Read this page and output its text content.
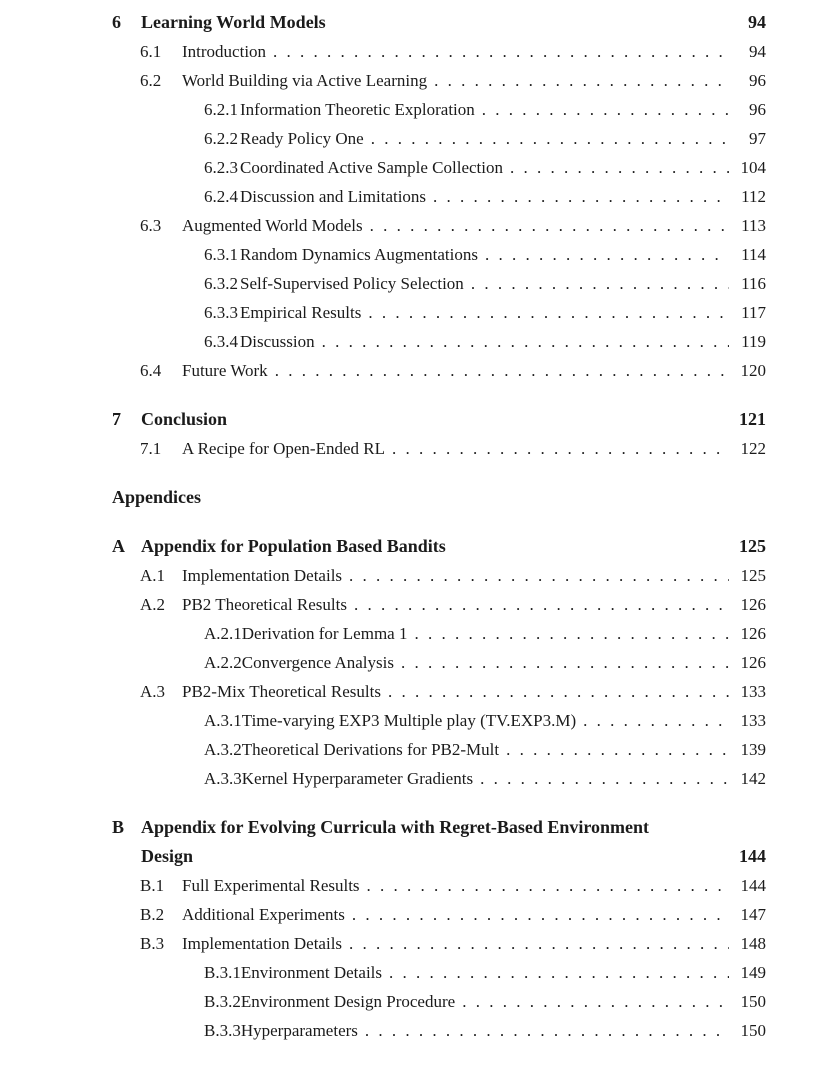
6	Learning World Models	94
6.1	Introduction . . .	94
6.2	World Building via Active Learning . . .	96
6.2.1 Information Theoretic Exploration . . .	96
6.2.2 Ready Policy One . . .	97
6.2.3 Coordinated Active Sample Collection . . .	104
6.2.4 Discussion and Limitations . . .	112
6.3	Augmented World Models . . .	113
6.3.1 Random Dynamics Augmentations . . .	114
6.3.2 Self-Supervised Policy Selection . . .	116
6.3.3 Empirical Results . . .	117
6.3.4 Discussion . . .	119
6.4	Future Work . . .	120
7	Conclusion	121
7.1	A Recipe for Open-Ended RL . . .	122
Appendices
A Appendix for Population Based Bandits	125
A.1 Implementation Details . . .	125
A.2 PB2 Theoretical Results . . .	126
A.2.1 Derivation for Lemma 1 . . .	126
A.2.2 Convergence Analysis . . .	126
A.3 PB2-Mix Theoretical Results . . .	133
A.3.1 Time-varying EXP3 Multiple play (TV.EXP3.M) . . .	133
A.3.2 Theoretical Derivations for PB2-Mult . . .	139
A.3.3 Kernel Hyperparameter Gradients . . .	142
B Appendix for Evolving Curricula with Regret-Based Environment
Design	144
B.1	Full Experimental Results . . .	144
B.2	Additional Experiments . . .	147
B.3	Implementation Details . . .	148
B.3.1 Environment Details . . .	149
B.3.2 Environment Design Procedure . . .	150
B.3.3 Hyperparameters . . .	150
